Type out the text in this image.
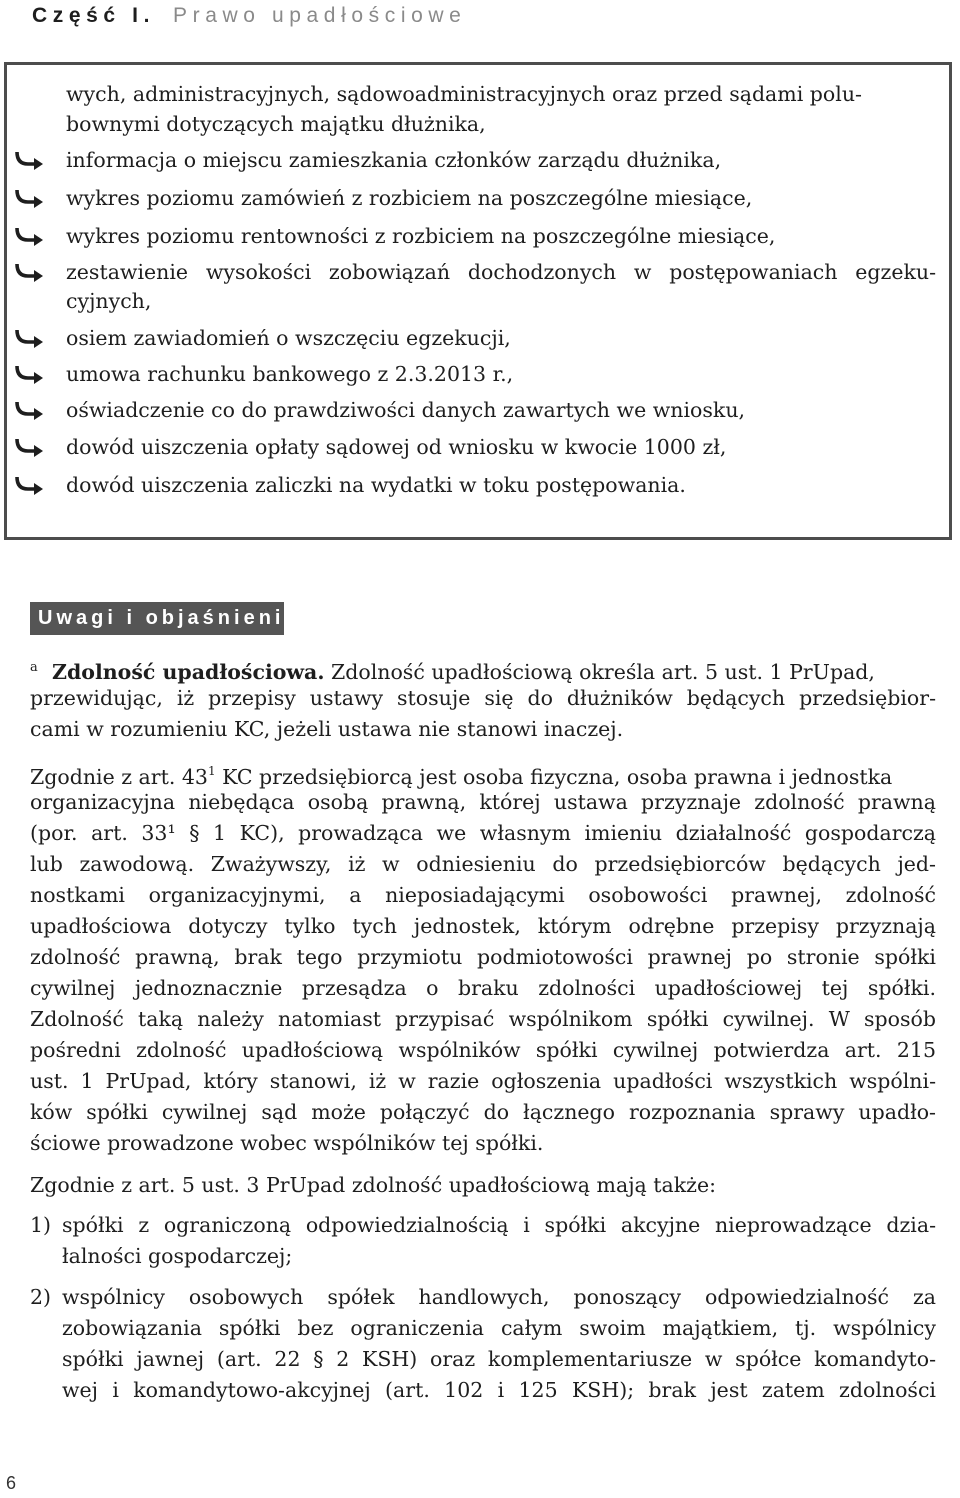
Część I. Prawo upadłościowe
wych, administracyjnych, sądowoadministracyjnych oraz przed sądami polu-
bownymi dotyczących majątku dłużnika,
informacja o miejscu zamieszkania członków zarządu dłużnika,
wykres poziomu zamówień z rozbiciem na poszczególne miesiące,
wykres poziomu rentowności z rozbiciem na poszczególne miesiące,
zestawienie wysokości zobowiązań dochodzonych w postępowaniach egzeku-
cyjnych,
osiem zawiadomień o wszczęciu egzekucji,
umowa rachunku bankowego z 2.3.2013 r.,
oświadczenie co do prawdziwości danych zawartych we wniosku,
dowód uiszczenia opłaty sądowej od wniosku w kwocie 1000 zł,
dowód uiszczenia zaliczki na wydatki w toku postępowania.
Uwagi i objaśnienia
a Zdolność upadłościowa. Zdolność upadłościową określa art. 5 ust. 1 PrUpad,
przewidując, iż przepisy ustawy stosuje się do dłużników będących przedsiębior-
cami w rozumieniu KC, jeżeli ustawa nie stanowi inaczej.
Zgodnie z art. $43^1$ KC przedsiębiorcą jest osoba fizyczna, osoba prawna i jednostka
organizacyjna niebędąca osobą prawną, której ustawa przyznaje zdolność prawną
(por. art. 33¹ § 1 KC), prowadząca we własnym imieniu działalność gospodarczą
lub zawodową. Zważywszy, iż w odniesieniu do przedsiębiorców będących jed-
nostkami organizacyjnymi, a nieposiadającymi osobowości prawnej, zdolność
upadłościowa dotyczy tylko tych jednostek, którym odrębne przepisy przyznają
zdolność prawną, brak tego przymiotu podmiotowości prawnej po stronie spółki
cywilnej jednoznacznie przesądza o braku zdolności upadłościowej tej spółki.
Zdolność taką należy natomiast przypisać wspólnikom spółki cywilnej. W sposób
pośredni zdolność upadłościową wspólników spółki cywilnej potwierdza art. 215
ust. 1 PrUpad, który stanowi, iż w razie ogłoszenia upadłości wszystkich wspólni-
ków spółki cywilnej sąd może połączyć do łącznego rozpoznania sprawy upadło-
ściowe prowadzone wobec wspólników tej spółki.
Zgodnie z art. 5 ust. 3 PrUpad zdolność upadłościową mają także:
1) spółki z ograniczoną odpowiedzialnością i spółki akcyjne nieprowadzące dzia-
łalności gospodarczej;
2) wspólnicy osobowych spółek handlowych, ponoszący odpowiedzialność za
zobowiązania spółki bez ograniczenia całym swoim majątkiem, tj. wspólnicy
spółki jawnej (art. 22 § 2 KSH) oraz komplementariusze w spółce komandyto-
wej i komandytowo-akcyjnej (art. 102 i 125 KSH); brak jest zatem zdolności
6
